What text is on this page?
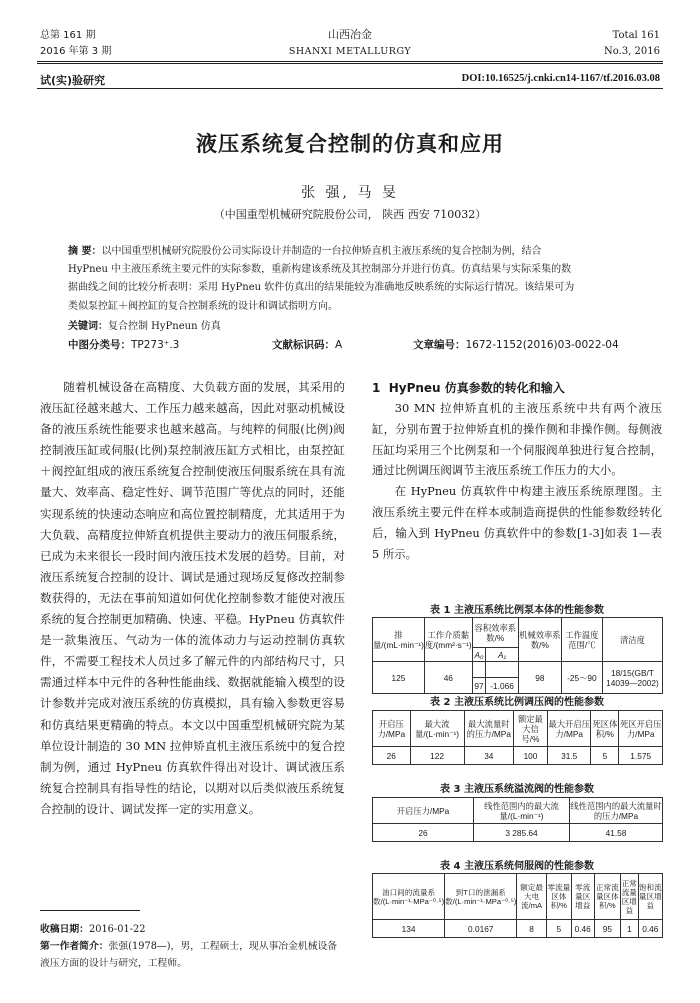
总第 161 期
2016 年第 3 期
山西冶金
SHANXI METALLURGY
Total 161
No.3, 2016
试(实)验研究	DOI:10.16525/j.cnki.cn14-1167/tf.2016.03.08
液压系统复合控制的仿真和应用
张 强, 马 旻
（中国重型机械研究院股份公司， 陕西 西安 710032）
摘 要：以中国重型机械研究院股份公司实际设计并制造的一台拉伸矫直机主液压系统的复合控制为例，结合
HyPneu 中主液压系统主要元件的实际参数，重新构建该系统及其控制部分并进行仿真。仿真结果与实际采集的数
据曲线之间的比较分析表明：采用 HyPneu 软件仿真出的结果能较为准确地反映系统的实际运行情况。该结果可为
类似泵控缸＋阀控缸的复合控制系统的设计和调试指明方向。
关键词：复合控制 HyPneun 仿真
中图分类号：TP273⁺.3	文献标识码：A	文章编号：1672-1152(2016)03-0022-04

随着机械设备在高精度、大负载方面的发展，其采用的液压缸径越来越大、工作压力越来越高，因此对驱动机械设备的液压系统性能要求也越来越高。与纯粹的伺服(比例)阀控制液压缸或伺服(比例)泵控制液压缸方式相比，由泵控缸＋阀控缸组成的液压系统复合控制使液压伺服系统在具有流量大、效率高、稳定性好、调节范围广等优点的同时，还能实现系统的快速动态响应和高位置控制精度，尤其适用于为大负载、高精度拉伸矫直机提供主要动力的液压伺服系统，已成为未来很长一段时间内液压技术发展的趋势。目前，对液压系统复合控制的设计、调试是通过现场反复修改控制参数获得的，无法在事前知道如何优化控制参数才能使对液压系统的复合控制更加精确、快速、平稳。HyPneu 仿真软件是一款集液压、气动为一体的流体动力与运动控制仿真软件，不需要工程技术人员过多了解元件的内部结构尺寸，只需通过样本中元件的各种性能曲线、数据就能输入模型的设计参数并完成对液压系统的仿真模拟，具有输入参数更容易和仿真结果更精确的特点。本文以中国重型机械研究院为某单位设计制造的 30 MN 拉伸矫直机主液压系统中的复合控制为例，通过 HyPneu 仿真软件得出对设计、调试液压系统复合控制具有指导性的结论，以期对以后类似液压系统复合控制的设计、调试发挥一定的实用意义。

收稿日期：2016-01-22
第一作者简介：张强(1978—)，男，工程硕士，现从事冶金机械设备液压方面的设计与研究，工程师。
1 HyPneu 仿真参数的转化和输入

30 MN 拉伸矫直机的主液压系统中共有两个液压缸，分别布置于拉伸矫直机的操作侧和非操作侧。每侧液压缸均采用三个比例泵和一个伺服阀单独进行复合控制，通过比例调压阀调节主液压系统工作压力的大小。

在 HyPneu 仿真软件中构建主液压系统原理图。主液压系统主要元件在样本或制造商提供的性能参数经转化后，输入到 HyPneu 仿真软件中的参数[1-3]如表 1—表 5 所示。

表 1 主液压系统比例泵本体的性能参数
排量/(mL·min⁻¹)	工作介质黏度/(mm²·s⁻¹)	容积效率系数/%		机械效率系数/%	工作温度范围/℃	清洁度
		A₀	A₁			
125	46			98	-25～90	18/15(GB/T 14039—2002)
		97	-1.066			
表 2 主液压系统比例调压阀的性能参数
开启压力/MPa	最大流量/(L·min⁻¹)	最大流量时的压力/MPa	额定最大信号/%	最大开启压力/MPa	死区体积/%	死区开启压力/MPa
26	122	34	100	31.5	5	1.575
表 3 主液压系统溢流阀的性能参数
开启压力/MPa	线性范围内的最大流量/(L·min⁻¹)	线性范围内的最大流量时的压力/MPa
26	3 285.64	41.58
表 4 主液压系统伺服阀的性能参数
油口间的流量系数/(L·min⁻¹·MPa⁻⁰·⁵)	到T口的泄漏系数/(L·min⁻¹·MPa⁻⁰·⁵)	额定最大电流/mA	零流量区体积/%	零流量区增益	正常流量区体积/%	正常流量区增益	饱和流量区增益
134	0.0167	8	5	0.46	95	1	0.46
